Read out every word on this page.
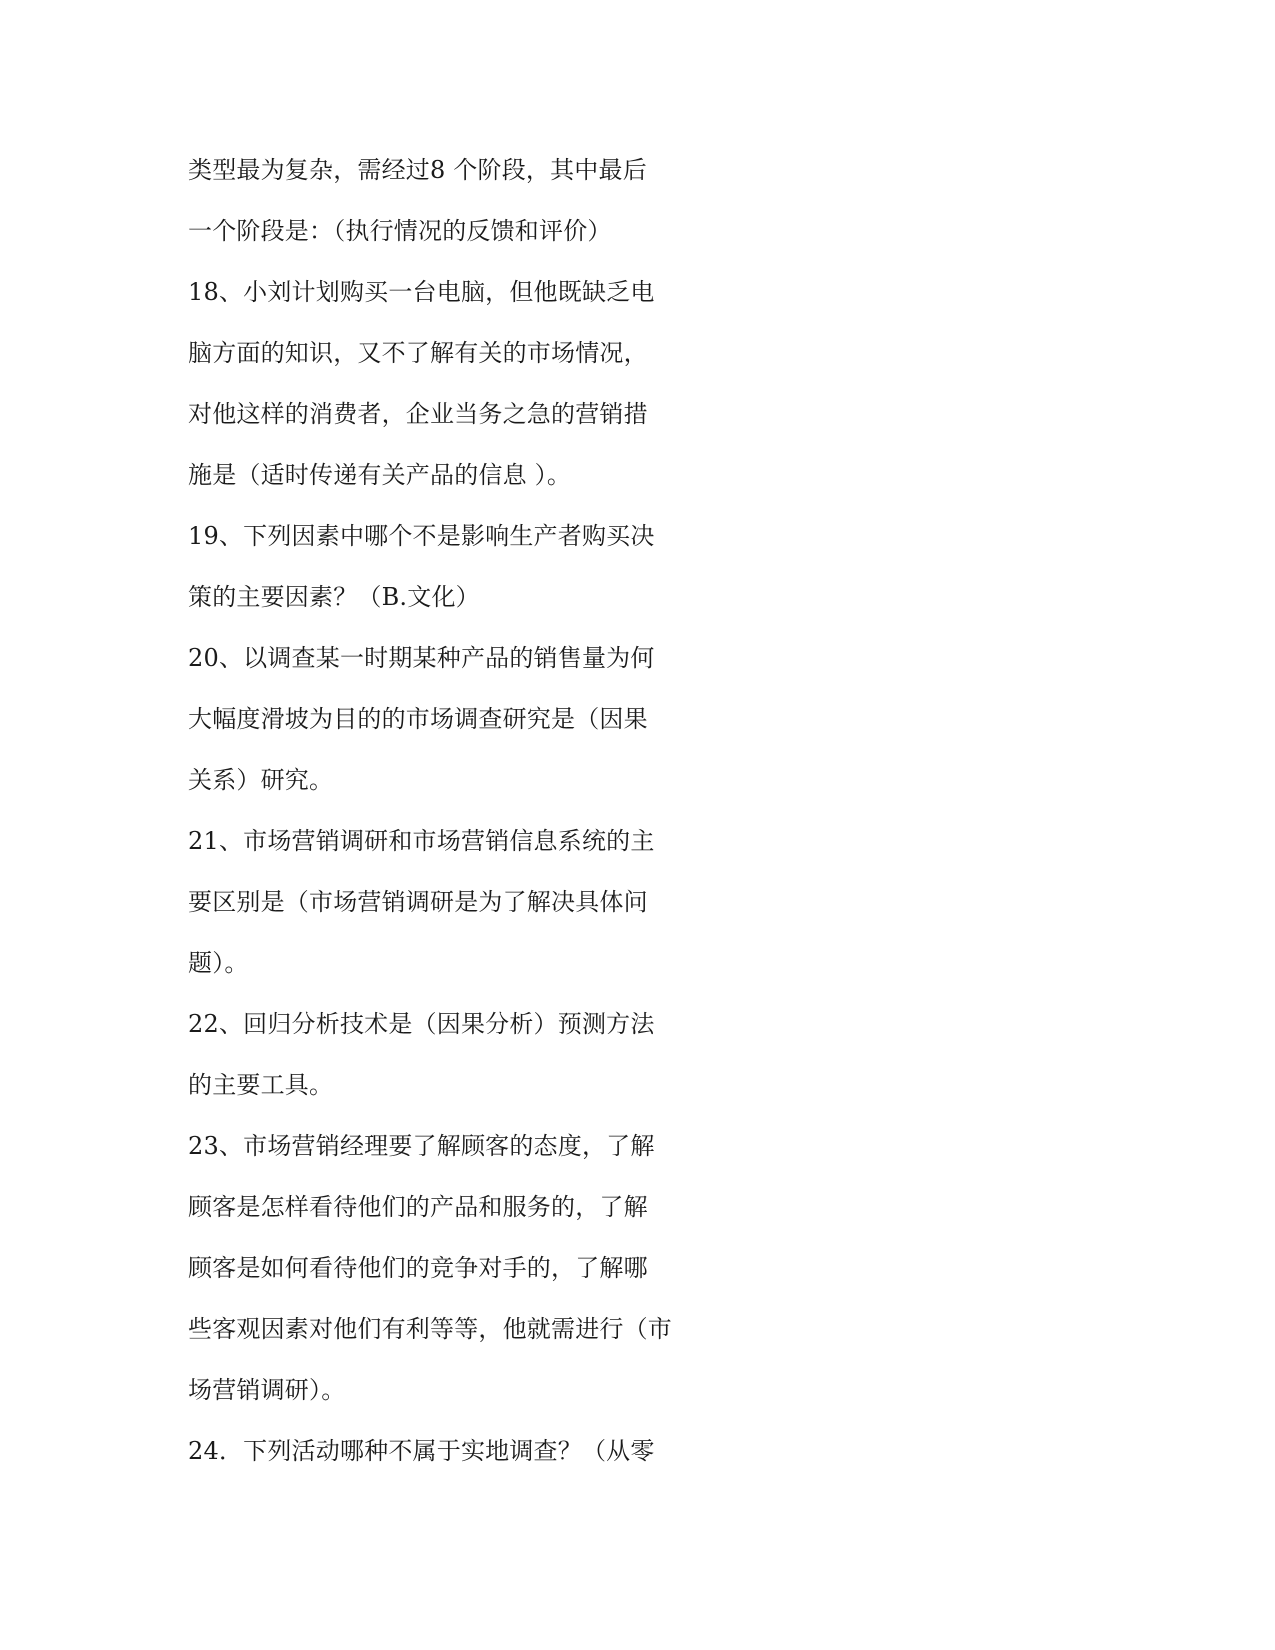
类型最为复杂，需经过8 个阶段，其中最后
一个阶段是：（执行情况的反馈和评价）
18、小刘计划购买一台电脑，但他既缺乏电
脑方面的知识，又不了解有关的市场情况，
对他这样的消费者，企业当务之急的营销措
施是（适时传递有关产品的信息 ）。
19、下列因素中哪个不是影响生产者购买决
策的主要因素？（B.文化）
20、以调查某一时期某种产品的销售量为何
大幅度滑坡为目的的市场调查研究是（因果
关系）研究。
21、市场营销调研和市场营销信息系统的主
要区别是（市场营销调研是为了解决具体问
题）。
22、回归分析技术是（因果分析）预测方法
的主要工具。
23、市场营销经理要了解顾客的态度，了解
顾客是怎样看待他们的产品和服务的，了解
顾客是如何看待他们的竞争对手的，了解哪
些客观因素对他们有利等等，他就需进行（市
场营销调研）。
24．下列活动哪种不属于实地调查？（从零
